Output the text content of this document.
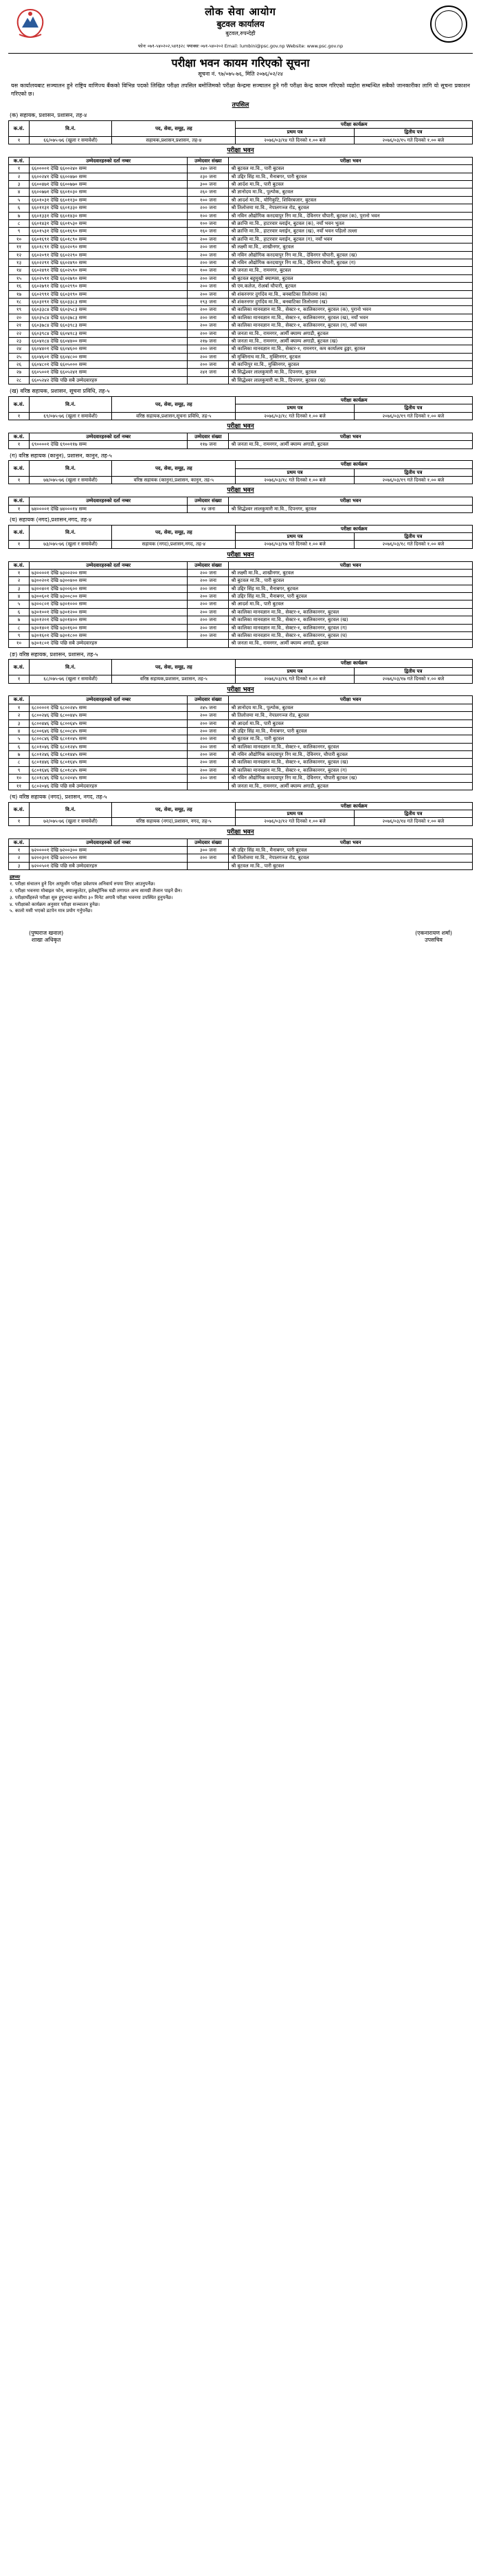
लोक सेवा आयोग
बुटवल कार्यालय
बुटवल,रुपन्देही
फोनः ०७१-५४०२०२,५४१३२८ फ्याक्सः ०७१-५४०२०२ Email: lumbini@psc.gov.np Website: www.psc.gov.np
परीक्षा भवन कायम गरिएको सूचना
सूचना नं. ९७/०७५-७६, मिति २०७६/०२/२४
यस कार्यालयबाट सञ्चालन हुने राष्ट्रिय वाणिज्य बैंकको विभिन्न पदको लिखित परीक्षा तपसिल बमोजिमको परीक्षा केन्द्रमा सञ्चालन हुने गरी परीक्षा केन्द्र कायम गरिएको व्यहोरा सम्बन्धित सबैको जानकारीका लागि यो सूचना प्रकाशन गरिएको छ।
तपसिल
(क) सहायक, प्रशासन, प्रशासन, तह-४
क.सं.	वि.नं.	पद, सेवा, समूह, तह	परीक्षा कार्यक्रम	
			प्रथम पत्र	द्वितीय पत्र
१	६६/०७५-७६ (खुला र समावेशी)	सहायक,प्रशासन,प्रशासन, तह-४	२०७६/०३/१४ गते दिनको १.०० बजे	२०७६/०३/१५ गते दिनको १.०० बजे
परीक्षा भवन
क.सं.	उम्मेदवारहरुको दर्ता नम्बर	उम्मेदवार संख्या	परीक्षा भवन
१	६६००००१ देखि ६६००२४० सम्म	२४० जना	श्री बुटवल मा.वि., पारी बुटवल
२	६६००२४१ देखि ६६००४७० सम्म	२३० जना	श्री उद्दिर सिंह मा.वि., मैनाबगर, पारी बुटवल
३	६६००४७१ देखि ६६००७७० सम्म	३०० जना	श्री आर्दश मा.वि., पारी बुटवल
४	६६००७७१ देखि ६६०१०३० सम्म	२६० जना	श्री ज्ञानोदय मा.वि., पुल्पोक, बुटवल
५	६६०१०३१ देखि ६६०११३० सम्म	१०० जना	श्री आदर्श मा.वि., योगिकुटि, शिविरबजार, बुटवल
६	६६०११३१ देखि ६६०१३३० सम्म	२०० जना	श्री तिलोत्तमा मा.वि., नेपालगञ्ज रोड, बुटवल
७	६६०१३३१ देखि ६६०१४३० सम्म	१०० जना	श्री नविन औद्योगिक करदयापुर रिंग मा.वि., देविनगर चौपारी, बुटवल (क), पुरानो भवन
८	६६०१४३१ देखि ६६०१५३० सम्म	१०० जना	श्री क्रान्ति मा.वि., हाटरवार व्लाईन, बुटवल (क), नयाँ भवन भूतल
९	६६०१५३१ देखि ६६०१६९० सम्म	१६० जना	श्री क्रान्ति मा.वि., हाटरवार व्लाईन, बुटवल (ख), नयाँ भवन पहिलो तल्ला
१०	६६०१६९१ देखि ६६०१८९० सम्म	२०० जना	श्री क्रान्ति मा.वि., हाटरवार व्लाईन, बुटवल (ग), नयाँ भवन
११	६६०१८९१ देखि ६६०२०९० सम्म	२०० जना	श्री लक्ष्मी मा.वि., शाखीनगर, बुटवल
१२	६६०२०९१ देखि ६६०२२९० सम्म	२०० जना	श्री नविन औद्योगिक करदयापुर रिंग मा.वि., देविनगर चौपारी, बुटवल (ख)
१३	६६०२२९१ देखि ६६०२४९० सम्म	२०० जना	श्री नविन औद्योगिक करदयापुर रिंग मा.वि., देविनगर चौपारी, बुटवल (ग)
१४	६६०२४९१ देखि ६६०२५९० सम्म	१०० जना	श्री जनता मा.वि., रामनगर, बुटवल
१५	६६०२५९१ देखि ६६०२७९० सम्म	२०० जना	श्री बुटवल बहुमुखी क्याम्पस, बुटवल
१६	६६०२७९१ देखि ६६०२९९० सम्म	२०० जना	श्री एम.कलेज, रोअर्बा चौपारी, बुटवल
१७	६६०२९९१ देखि ६६०३१९० सम्म	२०० जना	श्री शंकरनगर दुर्गादेव मा.वि., बनबाटिका तिलोत्तमा (क)
१८	६६०३१९१ देखि ६६०३३८३ सम्म	१९३ जना	श्री शंकरनगर दुर्गादेव मा.वि., बनबाटिका तिलोत्तमा (ख)
१९	६६०३३८४ देखि ६६०३५८३ सम्म	२०० जना	श्री कालिका मानवज्ञान मा.वि., सेक्टर-१, कालिकानगर, बुटवल (क), पुरानो भवन
२०	६६०३५८४ देखि ६६०३७८३ सम्म	२०० जना	श्री कालिका मानवज्ञान मा.वि., सेक्टर-१, कालिकानगर, बुटवल (ख), नयाँ भवन
२१	६६०३७८४ देखि ६६०३९८३ सम्म	२०० जना	श्री कालिका मानवज्ञान मा.वि., सेक्टर-१, कालिकानगर, बुटवल (ग), नयाँ भवन
२२	६६०३९८४ देखि ६६०४१८३ सम्म	२०० जना	श्री जनता मा.वि., रामनगर, आर्मी क्याम्प अगाडी, बुटवल
२३	६६०४१८४ देखि ६६०४४०० सम्म	२१७ जना	श्री जनता मा.वि., रामनगर, आर्मी क्याम्प अगाडी, बुटवल (ख)
२४	६६०४४०१ देखि ६६०४६०० सम्म	२०० जना	श्री कालिका मानवज्ञान मा.वि., सेक्टर-१, रामनगर, कम कार्यालय ढुङ्गा, बुटवल
२५	६६०४६०१ देखि ६६०४८०० सम्म	२०० जना	श्री मुक्तिनाथ मा.वि., मुक्तिनगर, बुटवल
२६	६६०४८०१ देखि ६६०५००० सम्म	२०० जना	श्री कान्तिपुर मा.वि., मुक्तिनगर, बुटवल
२७	६६०५००१ देखि ६६०५२४१ सम्म	२४१ जना	श्री सिद्धेश्वर लालकुमारी मा.वि., दिपनगर, बुटवल
२८	६६०५२४२ देखि पछि सबै उम्मेदवारहरु		श्री सिद्धेश्वर लालकुमारी मा.वि., दिपनगर, बुटवल (ख)
(ख) वरिष्ठ सहायक, प्रशासन, सूचना प्रविधि, तह-५
क.सं.	वि.नं.	पद, सेवा, समूह, तह	परीक्षा कार्यक्रम	
			प्रथम पत्र	द्वितीय पत्र
१	६९/०७५-७६ (खुला र समावेशी)	वरिष्ठ सहायक,प्रशासन,सूचना प्रविधि, तह-५	२०७६/०३/१८ गते दिनको १.०० बजे	२०७६/०३/१९ गते दिनको १.०० बजे
परीक्षा भवन
क.सं.	उम्मेदवारहरुको दर्ता नम्बर	उम्मेदवार संख्या	परीक्षा भवन
१	६९००००१ देखि ६९००११७ सम्म	११७ जना	श्री जनता मा.वि., रामनगर, आर्मी क्याम्प अगाडी, बुटवल
(ग) वरिष्ठ सहायक (कानुन), प्रशासन, कानुन, तह-५
क.सं.	वि.नं.	पद, सेवा, समूह, तह	परीक्षा कार्यक्रम	
			प्रथम पत्र	द्वितीय पत्र
१	७४/०७५-७६ (खुला र समावेशी)	वरिष्ठ सहायक (कानुन),प्रशासन, कानुन, तह-५	२०७६/०३/१८ गते दिनको १.०० बजे	२०७६/०३/१९ गते दिनको १.०० बजे
परीक्षा भवन
क.सं.	उम्मेदवारहरुको दर्ता नम्बर	उम्मेदवार संख्या	परीक्षा भवन
१	७४००००१ देखि ७४०००१४ सम्म	१४ जना	श्री सिद्धेश्वर लालकुमारी मा.वि., दिपनगर, बुटवल
(घ) सहायक (नगद),प्रशासन,नगद, तह-४
क.सं.	वि.नं.	पद, सेवा, समूह, तह	परीक्षा कार्यक्रम	
			प्रथम पत्र	द्वितीय पत्र
१	७३/०७५-७६ (खुला र समावेशी)	सहायक (नगद),प्रशासन,नगद, तह-४	२०७६/०३/१७ गते दिनको १.०० बजे	२०७६/०३/१८ गते दिनको १.०० बजे
परीक्षा भवन
क.सं.	उम्मेदवारहरुको दर्ता नम्बर	उम्मेदवार संख्या	परीक्षा भवन
१	७३००००१ देखि ७३००२०० सम्म	२०० जना	श्री लक्ष्मी मा.वि., शाखीनगर, बुटवल
२	७३००२०१ देखि ७३००४०० सम्म	२०० जना	श्री बुटवल मा.वि., पारी बुटवल
३	७३००४०१ देखि ७३००६०० सम्म	२०० जना	श्री उद्दिर सिंह मा.वि., मैनाबगर, बुटवल
४	७३००६०१ देखि ७३००८०० सम्म	२०० जना	श्री उद्दिर सिंह मा.वि., मैनाबगर, पारी बुटवल
५	७३००८०१ देखि ७३०१००० सम्म	२०० जना	श्री आदर्श मा.वि., पारी बुटवल
६	७३०१००१ देखि ७३०१२०० सम्म	२०० जना	श्री कालिका मानवज्ञान मा.वि., सेक्टर-१, कालिकानगर, बुटवल
७	७३०१२०१ देखि ७३०१४०० सम्म	२०० जना	श्री कालिका मानवज्ञान मा.वि., सेक्टर-१, कालिकानगर, बुटवल (ख)
८	७३०१४०१ देखि ७३०१६०० सम्म	२०० जना	श्री कालिका मानवज्ञान मा.वि., सेक्टर-१, कालिकानगर, बुटवल (ग)
९	७३०१६०१ देखि ७३०१८०० सम्म	२०० जना	श्री कालिका मानवज्ञान मा.वि., सेक्टर-१, कालिकानगर, बुटवल (घ)
१०	७३०१८०१ देखि पछि सबै उम्मेदवारहरु		श्री जनता मा.वि., रामनगर, आर्मी क्याम्प अगाडी, बुटवल
(ङ) वरिष्ठ सहायक, प्रशासन, प्रशासन, तह-५
क.सं.	वि.नं.	पद, सेवा, समूह, तह	परीक्षा कार्यक्रम	
			प्रथम पत्र	द्वितीय पत्र
१	६८/०७५-७६ (खुला र समावेशी)	वरिष्ठ सहायक,प्रशासन, प्रशासन, तह-५	२०७६/०३/१६ गते दिनको १.०० बजे	२०७६/०३/१७ गते दिनको १.०० बजे
परीक्षा भवन
क.सं.	उम्मेदवारहरुको दर्ता नम्बर	उम्मेदवार संख्या	परीक्षा भवन
१	६८००००१ देखि ६८००२४५ सम्म	२४५ जना	श्री ज्ञानोदय मा.वि., पुल्पोक, बुटवल
२	६८००२४६ देखि ६८००४४५ सम्म	२०० जना	श्री तिलोत्तमा मा.वि., नेपालगञ्ज रोड, बुटवल
३	६८००४४६ देखि ६८००६४५ सम्म	२०० जना	श्री आदर्श मा.वि., पारी बुटवल
४	६८००६४६ देखि ६८००८४५ सम्म	२०० जना	श्री उद्दिर सिंह मा.वि., मैनाबगर, पारी बुटवल
५	६८००८४६ देखि ६८०१०४५ सम्म	२०० जना	श्री बुटवल मा.वि., पारी बुटवल
६	६८०१०४६ देखि ६८०१२४५ सम्म	२०० जना	श्री कालिका मानवज्ञान मा.वि., सेक्टर-१, कालिकानगर, बुटवल
७	६८०१२४६ देखि ६८०१४४५ सम्म	२०० जना	श्री नविन औद्योगिक करदयापुर रिंग मा.वि., देविनगर, चौपारी बुटवल
८	६८०१४४६ देखि ६८०१६४५ सम्म	२०० जना	श्री कालिका मानवज्ञान मा.वि., सेक्टर-१, कालिकानगर, बुटवल (ख)
९	६८०१६४६ देखि ६८०१८४५ सम्म	२०० जना	श्री कालिका मानवज्ञान मा.वि., सेक्टर-१, कालिकानगर, बुटवल (ग)
१०	६८०१८४६ देखि ६८०२०४५ सम्म	२०० जना	श्री नविन औद्योगिक करदयापुर रिंग मा.वि., देविनगर, चौपारी बुटवल (ख)
११	६८०२०४६ देखि पछि सबै उम्मेदवारहरु		श्री जनता मा.वि., रामनगर, आर्मी क्याम्प अगाडी, बुटवल
(च) वरिष्ठ सहायक (नगद), प्रशासन, नगद, तह-५
क.सं.	वि.नं.	पद, सेवा, समूह, तह	परीक्षा कार्यक्रम	
			प्रथम पत्र	द्वितीय पत्र
१	७२/०७५-७६ (खुला र समावेशी)	वरिष्ठ सहायक (नगद),प्रशासन, नगद, तह-५	२०७६/०३/१२ गते दिनको १.०० बजे	२०७६/०३/१४ गते दिनको १.०० बजे
परीक्षा भवन
क.सं.	उम्मेदवारहरुको दर्ता नम्बर	उम्मेदवार संख्या	परीक्षा भवन
१	७२००००१ देखि ७२००३०० सम्म	३०० जना	श्री उद्दिर सिंह मा.वि., मैनाबगर, पारी बुटवल
२	७२००३०१ देखि ७२००५०० सम्म	२०० जना	श्री तिलोत्तमा मा.वि., नेपालगञ्ज रोड, बुटवल
३	७२००५०१ देखि पछि सबै उम्मेदवारहरु		श्री बुटवल मा.वि., पारी बुटवल
द्रष्टव्यः
१. परीक्षा संचालन हुने दिन आफूसँग परीक्षा प्रवेशपत्र अनिवार्य रुपमा लिएर आउनुपर्नेछ।
२. परीक्षा भवनमा मोबाइल फोन, क्याल्कुलेटर, इलेक्ट्रोनिक घडी लगायत अन्य सामग्री लैजान पाइने छैन।
३. परीक्षार्थीहरुले परीक्षा सुरु हुनुभन्दा कम्तीमा ३० मिनेट अगावै परीक्षा भवनमा उपस्थित हुनुपर्नेछ।
४. परीक्षाको कार्यक्रम अनुसार परीक्षा सञ्चालन हुनेछ।
५. कालो मसी भएको डटपेन मात्र प्रयोग गर्नुपर्नेछ।
(पुष्पराज खनाल)
शाखा अधिकृत
(एकनारायण शर्मा)
उपसचिव
